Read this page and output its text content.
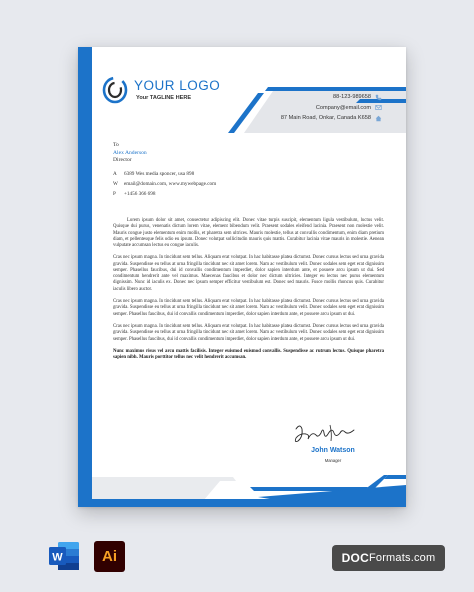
YOUR LOGO
Your TAGLINE HERE	88-123-989658
Company@email.com
87 Main Road, Onkar, Canada K658
To
Alex Anderson
Director
A	6389 Wes media sponcer, usa 898
W	email@domain.com, www.mywebpage.com
P	+1456 366 698

Lorem ipsum dolor sit amet, consectetur adipiscing elit. Donec vitae turpis suscipit, elementum ligula vestibulum, luctus velit. Quisque dui purus, venenatis dictum lorem vitae, element bibendum velit. Praesent sodales eleifend lacinia. Praesent non molestie velit. Mauris congue justo elementum enim mollis, et pharetra sem ultrices. Mauris molestie, tellus at convallis condimentum, enim diam pretium diam, et pellentesque felis odio eu ipsum. Donec volutpat sollicitudin mauris quis mattis. Curabitur lacinia vitae mauris in molestie. Aenean vulputate accumsan lectus eu congue iaculis.

Cras nec ipsum magna. In tincidunt sem tellus. Aliquam erat volutpat. In hac habitasse platea dictumst. Donec cursus lectus sed urna gravida gravida. Suspendisse eu tellus at urna fringilla tincidunt nec sit amet lorem. Nam ac vestibulum velit. Donec sodales sem eget erat dignissim semper. Phasellus faucibus, dui id convallis condimentum imperdiet, dolor sapien interdum ante, et posuere arcu ipsum ut dui. Sed condimentum hendrerit ante vel maximus. Maecenas faucibus et dolor nec dictum ultricies. Integer eu lectus nec purus elementum dignissim. Nunc id iaculis ex. Donec nec ipsum semper efficitur vestibulum est. Donec sed mauris. Fusce mollis rhoncus quis. Curabitur iaculis libero auctor.

Cras nec ipsum magna. In tincidunt sem tellus. Aliquam erat volutpat. In hac habitasse platea dictumst. Donec cursus lectus sed urna gravida gravida. Suspendisse eu tellus at urna fringilla tincidunt nec sit amet lorem. Nam ac vestibulum velit. Donec sodales sem eget erat dignissim semper. Phasellus faucibus, dui id convallis condimentum imperdiet, dolor sapien interdum ante, et posuere arcu ipsum ut dui.

Cras nec ipsum magna. In tincidunt sem tellus. Aliquam erat volutpat. In hac habitasse platea dictumst. Donec cursus lectus sed urna gravida gravida. Suspendisse eu tellus at urna fringilla tincidunt nec sit amet lorem. Nam ac vestibulum velit. Donec sodales sem eget erat dignissim semper. Phasellus faucibus, dui id convallis condimentum imperdiet, dolor sapien interdum ante, et posuere arcu ipsum ut dui.

Nunc maximus risus vel arcu mattis facilisis. Integer euismod euismod convallis. Suspendisse ac rutrum lectus. Quisque pharetra sapien nibh. Mauris porttitor tellus nec velit hendrerit accumsan.

John Watson
Manager
W	Ai	DOC Formats.com
